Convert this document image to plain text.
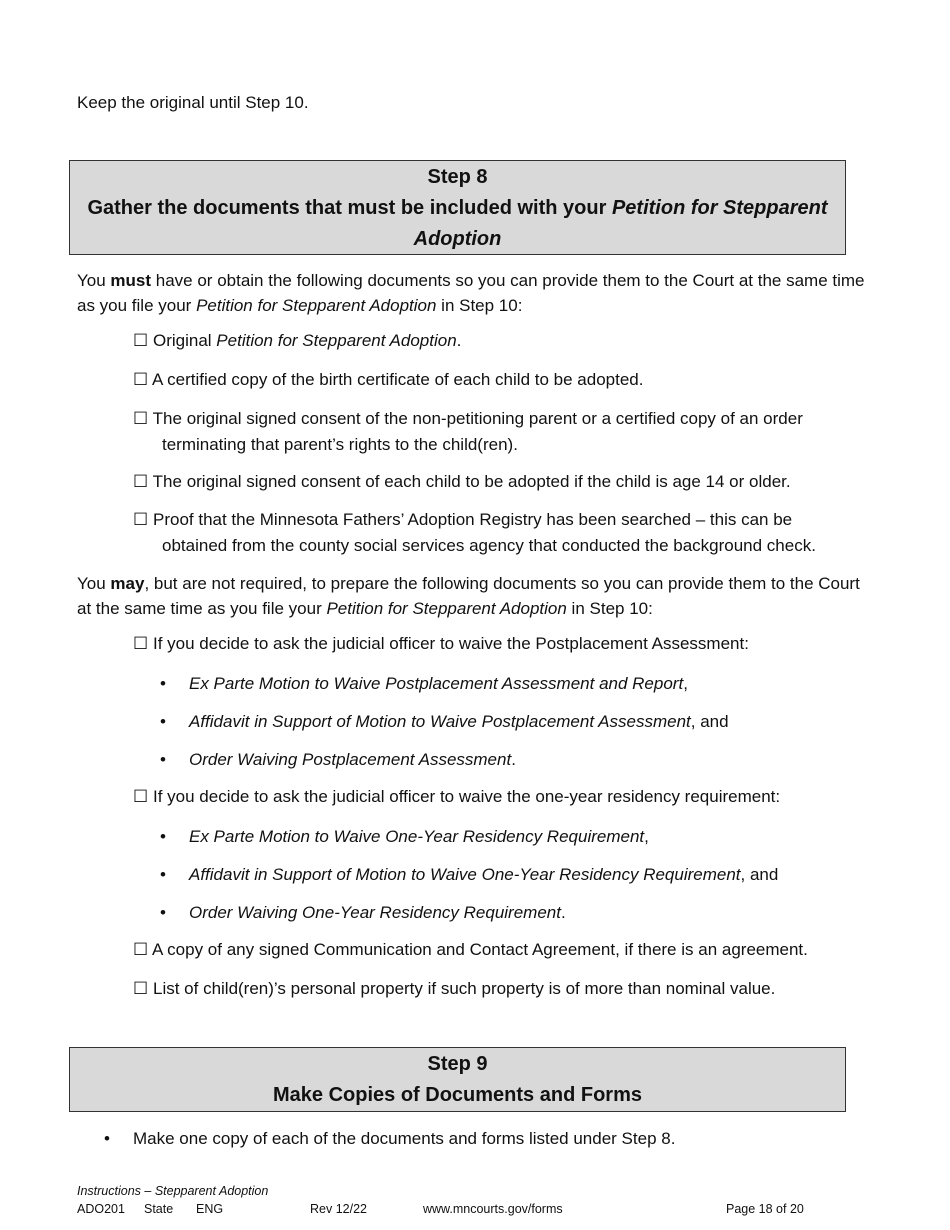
Keep the original until Step 10.

Step 8
Gather the documents that must be included with your Petition for Stepparent
Adoption

You must have or obtain the following documents so you can provide them to the Court at the same time as you file your Petition for Stepparent Adoption in Step 10:

☐ Original Petition for Stepparent Adoption.

☐ A certified copy of the birth certificate of each child to be adopted.

☐ The original signed consent of the non-petitioning parent or a certified copy of an order
terminating that parent’s rights to the child(ren).

☐ The original signed consent of each child to be adopted if the child is age 14 or older.

☐ Proof that the Minnesota Fathers’ Adoption Registry has been searched – this can be
obtained from the county social services agency that conducted the background check.

You may, but are not required, to prepare the following documents so you can provide them to the Court at the same time as you file your Petition for Stepparent Adoption in Step 10:

☐ If you decide to ask the judicial officer to waive the Postplacement Assessment:

• Ex Parte Motion to Waive Postplacement Assessment and Report,
• Affidavit in Support of Motion to Waive Postplacement Assessment, and
• Order Waiving Postplacement Assessment.

☐ If you decide to ask the judicial officer to waive the one-year residency requirement:

• Ex Parte Motion to Waive One-Year Residency Requirement,
• Affidavit in Support of Motion to Waive One-Year Residency Requirement, and
• Order Waiving One-Year Residency Requirement.

☐ A copy of any signed Communication and Contact Agreement, if there is an agreement.

☐ List of child(ren)’s personal property if such property is of more than nominal value.

Step 9
Make Copies of Documents and Forms
• Make one copy of each of the documents and forms listed under Step 8.
Instructions – Stepparent Adoption
ADO201 State ENG	Rev 12/22	www.mncourts.gov/forms	Page 18 of 20
